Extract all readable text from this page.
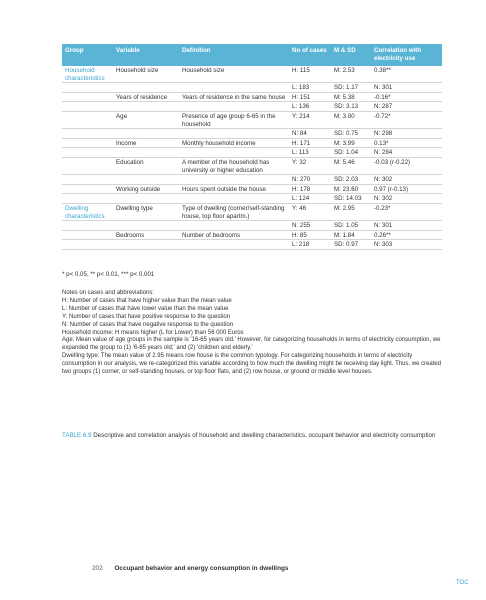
Group	Variable	Definition	No of cases	M & SD	Correlation with electricity use
Household characteristics
Household size	Household size	H: 115	M: 2.53	0.38**
L: 183	SD: 1.17	N: 301
Years of residence	Years of residence in the same house	H: 151	M: 5.38	-0.16*
L: 136	SD: 3.13	N: 287
Age	Presence of age group 6-65 in the household
Y: 214	M: 3.00	-0.72*
N: 84	SD: 0.75	N: 298
Income	Monthly household income	H: 171	M: 3.99	0.13*
L: 113	SD: 1.04	N: 284
Education	A member of the household has university or higher education
Y: 32	M: 5.46	-0.03 (r-0.22)
N: 270	SD: 2.03	N: 302
Working outside	Hours spent outside the house	H: 178	M: 23.60	0.97 (r-0.13)
L: 124	SD: 14.03	N: 302
Dwelling characteristics
Dwelling type	Type of dwelling (corner/self-standing house, top floor apartm.)
Y: 46	M: 2.95	-0.23*
N: 255	SD: 1.05	N: 301
Bedrooms	Number of bedrooms	H: 85	M: 1.84	0.26**
L: 218	SD: 0.97	N: 303
* p< 0.05, ** p< 0.01, *** p< 0.001
Notes on cases and abbreviations:
H: Number of cases that have higher value than the mean value
L: Number of cases that have lower value than the mean value
Y: Number of cases that have positive response to the question
N: Number of cases that have negative response to the question
Household income: H means higher (L for Lower) than 56 000 Euros
Age: Mean value of age groups in the sample is '16-65 years old.' However, for categorizing households in terms of electricity consumption, we expanded the group to (1) '6-65 years old;' and (2) 'children and elderly.'
Dwelling type: The mean value of 2.95 means row house is the common typology. For categorizing households in terms of electricity consumption in our analysis, we re-categorized this variable according to how much the dwelling might be receiving day light. Thus, we created two groups (1) corner, or self-standing houses, or top floor flats, and (2) row house, or ground or middle level houses.
TABLE 6.9 Descriptive and correlation analysis of household and dwelling characteristics, occupant behavior and electricity consumption
202 Occupant behavior and energy consumption in dwellings
TOC
